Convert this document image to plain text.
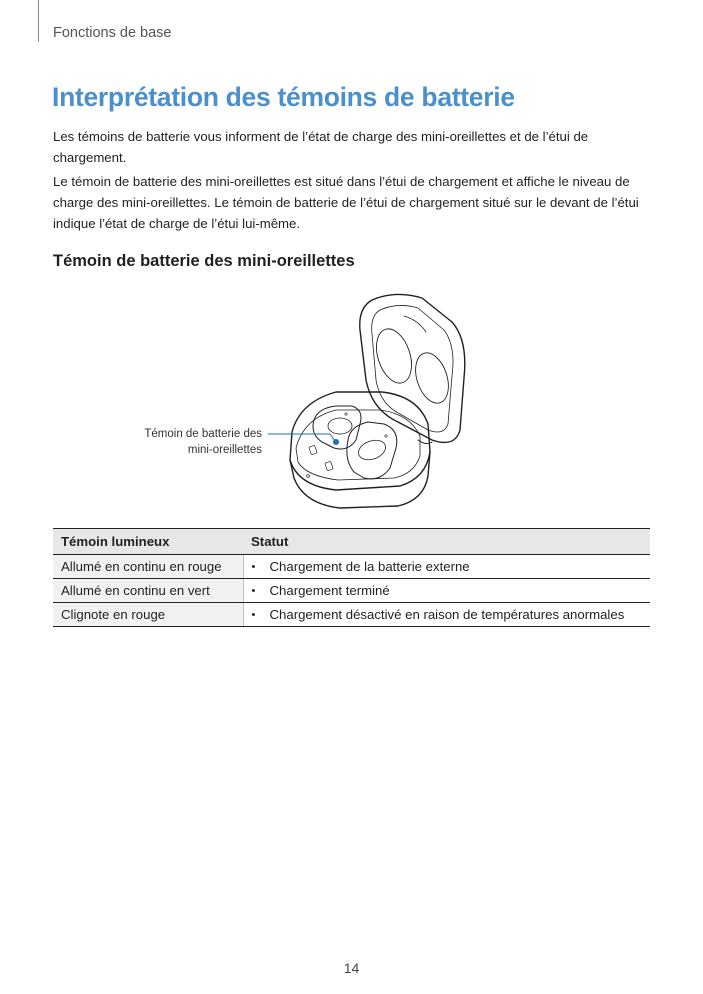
Fonctions de base
Interprétation des témoins de batterie

Les témoins de batterie vous informent de l’état de charge des mini-oreillettes et de l’étui de chargement.

Le témoin de batterie des mini-oreillettes est situé dans l’étui de chargement et affiche le niveau de charge des mini-oreillettes. Le témoin de batterie de l’étui de chargement situé sur le devant de l’étui indique l’état de charge de l’étui lui-même.

Témoin de batterie des mini-oreillettes
Témoin de batterie des
mini-oreillettes
Témoin lumineux	Statut
Allumé en continu en rouge	• Chargement de la batterie externe
Allumé en continu en vert	• Chargement terminé
Clignote en rouge	• Chargement désactivé en raison de températures anormales
14
